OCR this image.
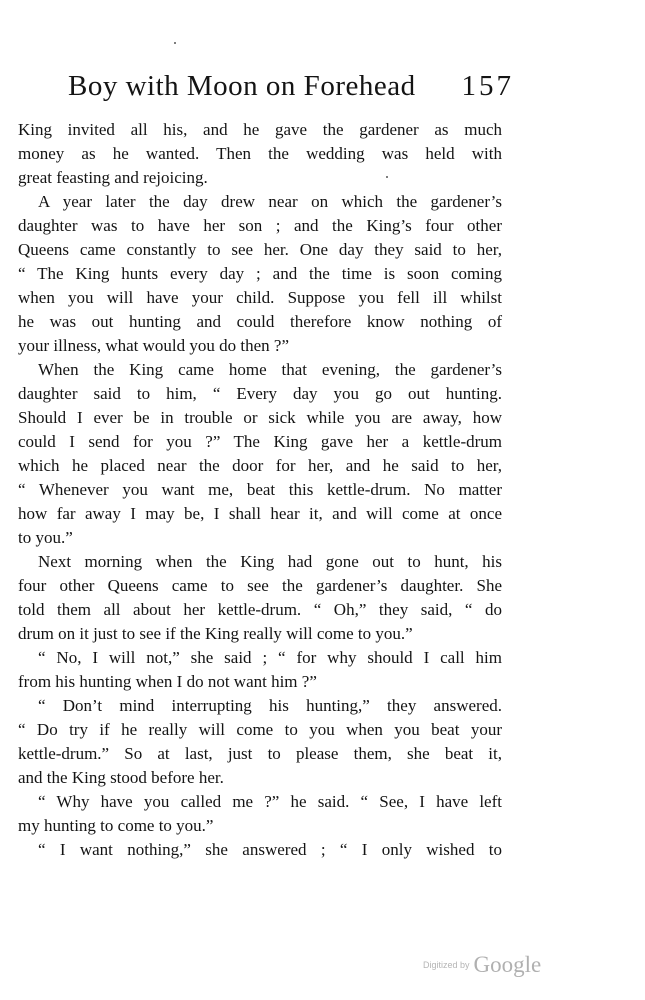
Boy with Moon on Forehead 157
King invited all his, and he gave the gardener as much
money as he wanted. Then the wedding was held with
great feasting and rejoicing.
A year later the day drew near on which the gardener’s
daughter was to have her son ; and the King’s four other
Queens came constantly to see her. One day they said to her,
“ The King hunts every day ; and the time is soon coming
when you will have your child. Suppose you fell ill whilst
he was out hunting and could therefore know nothing of
your illness, what would you do then ?”
When the King came home that evening, the gardener’s
daughter said to him, “ Every day you go out hunting.
Should I ever be in trouble or sick while you are away, how
could I send for you ?” The King gave her a kettle-drum
which he placed near the door for her, and he said to her,
“ Whenever you want me, beat this kettle-drum. No matter
how far away I may be, I shall hear it, and will come at once
to you.”
Next morning when the King had gone out to hunt, his
four other Queens came to see the gardener’s daughter. She
told them all about her kettle-drum. “ Oh,” they said, “ do
drum on it just to see if the King really will come to you.”
“ No, I will not,” she said ; “ for why should I call him
from his hunting when I do not want him ?”
“ Don’t mind interrupting his hunting,” they answered.
“ Do try if he really will come to you when you beat your
kettle-drum.” So at last, just to please them, she beat it,
and the King stood before her.
“ Why have you called me ?” he said. “ See, I have left
my hunting to come to you.”
“ I want nothing,” she answered ; “ I only wished to
Digitized by Google
